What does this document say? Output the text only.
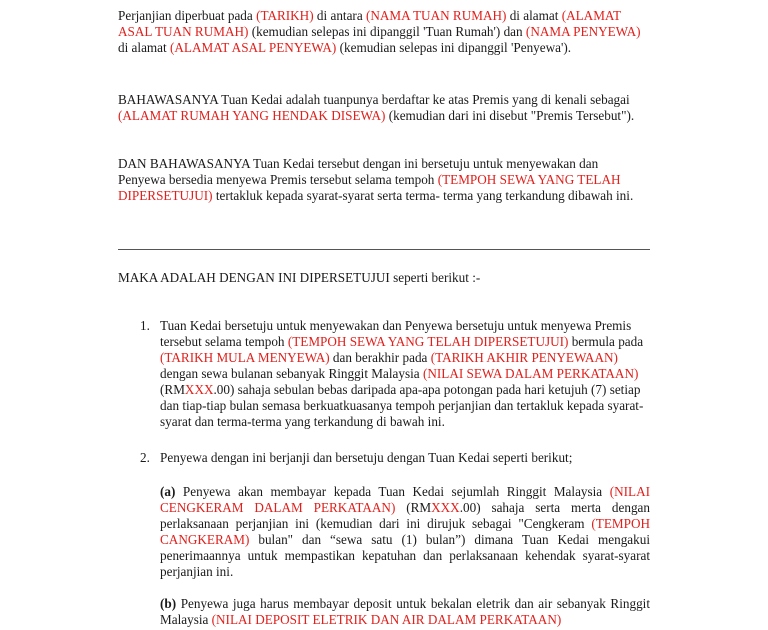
Perjanjian diperbuat pada (TARIKH) di antara (NAMA TUAN RUMAH) di alamat (ALAMAT ASAL TUAN RUMAH) (kemudian selepas ini dipanggil 'Tuan Rumah') dan (NAMA PENYEWA) di alamat (ALAMAT ASAL PENYEWA) (kemudian selepas ini dipanggil 'Penyewa').

BAHAWASANYA Tuan Kedai adalah tuanpunya berdaftar ke atas Premis yang di kenali sebagai (ALAMAT RUMAH YANG HENDAK DISEWA) (kemudian dari ini disebut "Premis Tersebut").

DAN BAHAWASANYA Tuan Kedai tersebut dengan ini bersetuju untuk menyewakan dan Penyewa bersedia menyewa Premis tersebut selama tempoh (TEMPOH SEWA YANG TELAH DIPERSETUJUI) tertakluk kepada syarat-syarat serta terma- terma yang terkandung dibawah ini.

MAKA ADALAH DENGAN INI DIPERSETUJUI seperti berikut :-

1. Tuan Kedai bersetuju untuk menyewakan dan Penyewa bersetuju untuk menyewa Premis tersebut selama tempoh (TEMPOH SEWA YANG TELAH DIPERSETUJUI) bermula pada (TARIKH MULA MENYEWA) dan berakhir pada (TARIKH AKHIR PENYEWAAN) dengan sewa bulanan sebanyak Ringgit Malaysia (NILAI SEWA DALAM PERKATAAN) (RMXXX.00) sahaja sebulan bebas daripada apa-apa potongan pada hari ketujuh (7) setiap dan tiap-tiap bulan semasa berkuatkuasanya tempoh perjanjian dan tertakluk kepada syarat-syarat dan terma-terma yang terkandung di bawah ini.

2. Penyewa dengan ini berjanji dan bersetuju dengan Tuan Kedai seperti berikut;

(a) Penyewa akan membayar kepada Tuan Kedai sejumlah Ringgit Malaysia (NILAI CENGKERAM DALAM PERKATAAN) (RMXXX.00) sahaja serta merta dengan perlaksanaan perjanjian ini (kemudian dari ini dirujuk sebagai "Cengkeram (TEMPOH CANGKERAM) bulan" dan “sewa satu (1) bulan”) dimana Tuan Kedai mengakui penerimaannya untuk mempastikan kepatuhan dan perlaksanaan kehendak syarat-syarat perjanjian ini.

(b) Penyewa juga harus membayar deposit untuk bekalan eletrik dan air sebanyak Ringgit Malaysia (NILAI DEPOSIT ELETRIK DAN AIR DALAM PERKATAAN)
